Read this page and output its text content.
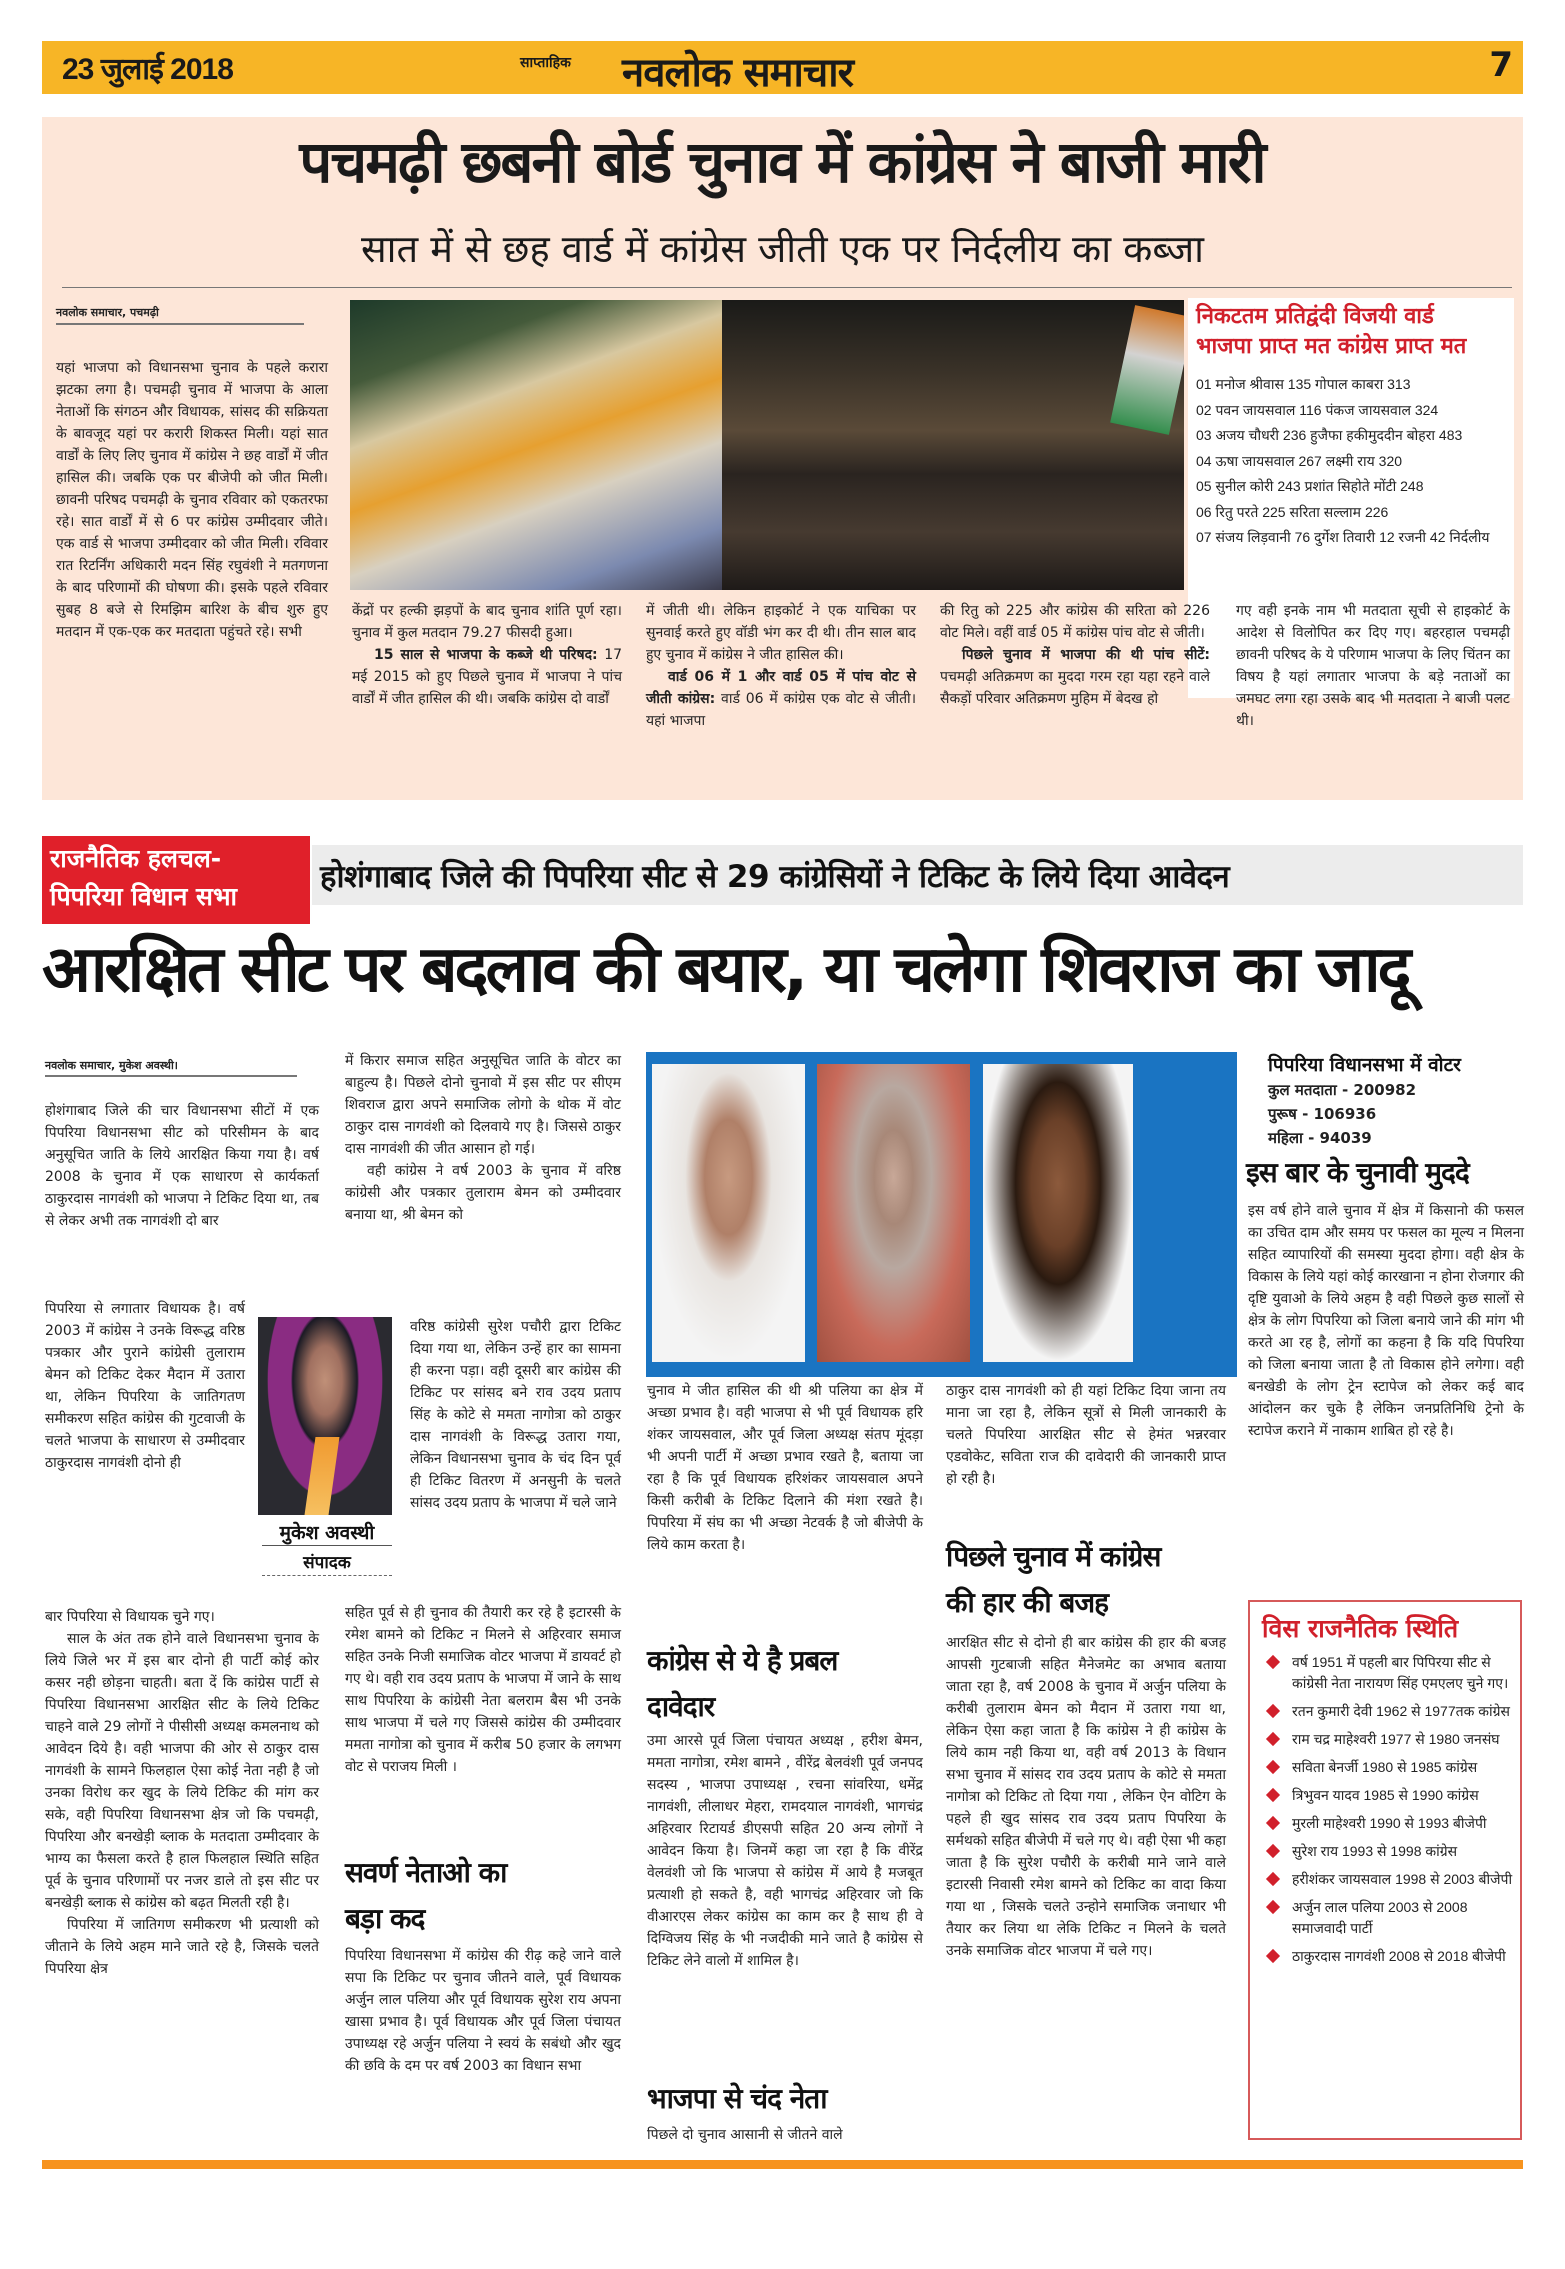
23 जुलाई 2018	साप्ताहिक नवलोक समाचार	7
पचमढ़ी छबनी बोर्ड चुनाव में कांग्रेस ने बाजी मारी
सात में से छह वार्ड में कांग्रेस जीती एक पर निर्दलीय का कब्जा
नवलोक समाचार, पचमढ़ी

यहां भाजपा को विधानसभा चुनाव के पहले करारा झटका लगा है। पचमढ़ी चुनाव में भाजपा के आला नेताओं कि संगठन और विधायक, सांसद की सक्रियता के बावजूद यहां पर करारी शिकस्त मिली। यहां सात वार्डों के लिए लिए चुनाव में कांग्रेस ने छह वार्डों में जीत हासिल की। जबकि एक पर बीजेपी को जीत मिली। छावनी परिषद पचमढ़ी के चुनाव रविवार को एकतरफा रहे। सात वार्डों में से 6 पर कांग्रेस उम्मीदवार जीते। एक वार्ड से भाजपा उम्मीदवार को जीत मिली। रविवार रात रिटर्निंग अधिकारी मदन सिंह रघुवंशी ने मतगणना के बाद परिणामों की घोषणा की। इसके पहले रविवार सुबह 8 बजे से रिमझिम बारिश के बीच शुरु हुए मतदान में एक-एक कर मतदाता पहुंचते रहे। सभी

निकटतम प्रतिद्वंदी विजयी वार्ड
भाजपा प्राप्त मत कांग्रेस प्राप्त मत
01 मनोज श्रीवास 135 गोपाल काबरा 313
02 पवन जायसवाल 116 पंकज जायसवाल 324
03 अजय चौधरी 236 हुजैफा हकीमुददीन बोहरा 483
04 ऊषा जायसवाल 267 लक्ष्मी राय 320
05 सुनील कोरी 243 प्रशांत सिहोते मोंटी 248
06 रितु परते 225 सरिता सल्लाम 226
07 संजय लिड़वानी 76 दुर्गेश तिवारी 12 रजनी 42 निर्दलीय

केंद्रों पर हल्की झड़पों के बाद चुनाव शांति पूर्ण रहा। चुनाव में कुल मतदान 79.27 फीसदी हुआ।

15 साल से भाजपा के कब्जे थी परिषद: 17 मई 2015 को हुए पिछले चुनाव में भाजपा ने पांच वार्डों में जीत हासिल की थी। जबकि कांग्रेस दो वार्डों

में जीती थी। लेकिन हाइकोर्ट ने एक याचिका पर सुनवाई करते हुए वॉडी भंग कर दी थी। तीन साल बाद हुए चुनाव में कांग्रेस ने जीत हासिल की।

वार्ड 06 में 1 और वार्ड 05 में पांच वोट से जीती कांग्रेस: वार्ड 06 में कांग्रेस एक वोट से जीती। यहां भाजपा

की रितु को 225 और कांग्रेस की सरिता को 226 वोट मिले। वहीं वार्ड 05 में कांग्रेस पांच वोट से जीती।

पिछले चुनाव में भाजपा की थी पांच सीटें: पचमढ़ी अतिक्रमण का मुददा गरम रहा यहा रहने वाले सैकड़ों परिवार अतिक्रमण मुहिम में बेदख हो

गए वही इनके नाम भी मतदाता सूची से हाइकोर्ट के आदेश से विलोपित कर दिए गए। बहरहाल पचमढ़ी छावनी परिषद के ये परिणाम भाजपा के लिए चिंतन का विषय है यहां लगातार भाजपा के बड़े नताओं का जमघट लगा रहा उसके बाद भी मतदाता ने बाजी पलट थी।

राजनैतिक हलचल-
पिपरिया विधान सभा
होशंगाबाद जिले की पिपरिया सीट से 29 कांग्रेसियों ने टिकिट के लिये दिया आवेदन
आरक्षित सीट पर बदलाव की बयार, या चलेगा शिवराज का जादू
नवलोक समाचार, मुकेश अवस्थी।

होशंगाबाद जिले की चार विधानसभा सीटों में एक पिपरिया विधानसभा सीट को परिसीमन के बाद अनुसूचित जाति के लिये आरक्षित किया गया है। वर्ष 2008 के चुनाव में एक साधारण से कार्यकर्ता ठाकुरदास नागवंशी को भाजपा ने टिकिट दिया था, तब से लेकर अभी तक नागवंशी दो बार

पिपरिया से लगातार विधायक है। वर्ष 2003 में कांग्रेस ने उनके विरूद्ध वरिष्ठ पत्रकार और पुराने कांग्रेसी तुलाराम बेमन को टिकिट देकर मैदान में उतारा था, लेकिन पिपरिया के जातिगतण समीकरण सहित कांग्रेस की गुटवाजी के चलते भाजपा के साधारण से उम्मीदवार ठाकुरदास नागवंशी दोनो ही

बार पिपरिया से विधायक चुने गए।

साल के अंत तक होने वाले विधानसभा चुनाव के लिये जिले भर में इस बार दोनो ही पार्टी कोई कोर कसर नही छोड़ना चाहती। बता दें कि कांग्रेस पार्टी से पिपरिया विधानसभा आरक्षित सीट के लिये टिकिट चाहने वाले 29 लोगों ने पीसीसी अध्यक्ष कमलनाथ को आवेदन दिये है। वही भाजपा की ओर से ठाकुर दास नागवंशी के सामने फिलहाल ऐसा कोई नेता नही है जो उनका विरोध कर खुद के लिये टिकिट की मांग कर सके, वही पिपरिया विधानसभा क्षेत्र जो कि पचमढ़ी, पिपरिया और बनखेड़ी ब्लाक के मतदाता उम्मीदवार के भाग्य का फैसला करते है हाल फिलहाल स्थिति सहित पूर्व के चुनाव परिणामों पर नजर डाले तो इस सीट पर बनखेड़ी ब्लाक से कांग्रेस को बढ़त मिलती रही है।

पिपरिया में जातिगण समीकरण भी प्रत्याशी को जीताने के लिये अहम माने जाते रहे है, जिसके चलते पिपरिया क्षेत्र

मुकेश अवस्थी
संपादक

में किरार समाज सहित अनुसूचित जाति के वोटर का बाहुल्य है। पिछले दोनो चुनावो में इस सीट पर सीएम शिवराज द्वारा अपने समाजिक लोगो के थोक में वोट ठाकुर दास नागवंशी को दिलवाये गए है। जिससे ठाकुर दास नागवंशी की जीत आसान हो गई।

वही कांग्रेस ने वर्ष 2003 के चुनाव में वरिष्ठ कांग्रेसी और पत्रकार तुलाराम बेमन को उम्मीदवार बनाया था, श्री बेमन को

वरिष्ठ कांग्रेसी सुरेश पचौरी द्वारा टिकिट दिया गया था, लेकिन उन्हें हार का सामना ही करना पड़ा। वही दूसरी बार कांग्रेस की टिकिट पर सांसद बने राव उदय प्रताप सिंह के कोटे से ममता नागोत्रा को ठाकुर दास नागवंशी के विरूद्ध उतारा गया, लेकिन विधानसभा चुनाव के चंद दिन पूर्व ही टिकिट वितरण में अनसुनी के चलते सांसद उदय प्रताप के भाजपा में चले जाने

सहित पूर्व से ही चुनाव की तैयारी कर रहे है इटारसी के रमेश बामने को टिकिट न मिलने से अहिरवार समाज सहित उनके निजी समाजिक वोटर भाजपा में डायवर्ट हो गए थे। वही राव उदय प्रताप के भाजपा में जाने के साथ साथ पिपरिया के कांग्रेसी नेता बलराम बैस भी उनके साथ भाजपा में चले गए जिससे कांग्रेस की उम्मीदवार ममता नागोत्रा को चुनाव में करीब 50 हजार के लगभग वोट से पराजय मिली ।

सवर्ण नेताओ का
बड़ा कद

पिपरिया विधानसभा में कांग्रेस की रीढ़ कहे जाने वाले सपा कि टिकिट पर चुनाव जीतने वाले, पूर्व विधायक अर्जुन लाल पलिया और पूर्व विधायक सुरेश राय अपना खासा प्रभाव है। पूर्व विधायक और पूर्व जिला पंचायत उपाध्यक्ष रहे अर्जुन पलिया ने स्वयं के सबंधो और खुद की छवि के दम पर वर्ष 2003 का विधान सभा

चुनाव मे जीत हासिल की थी श्री पलिया का क्षेत्र में अच्छा प्रभाव है। वही भाजपा से भी पूर्व विधायक हरि शंकर जायसवाल, और पूर्व जिला अध्यक्ष संतप मूंदड़ा भी अपनी पार्टी में अच्छा प्रभाव रखते है, बताया जा रहा है कि पूर्व विधायक हरिशंकर जायसवाल अपने किसी करीबी के टिकिट दिलाने की मंशा रखते है। पिपरिया में संघ का भी अच्छा नेटवर्क है जो बीजेपी के लिये काम करता है।

कांग्रेस से ये है प्रबल
दावेदार

उमा आरसे पूर्व जिला पंचायत अध्यक्ष , हरीश बेमन, ममता नागोत्रा, रमेश बामने , वीरेंद्र बेलवंशी पूर्व जनपद सदस्य , भाजपा उपाध्यक्ष , रचना सांवरिया, धमेंद्र नागवंशी, लीलाधर मेहरा, रामदयाल नागवंशी, भागचंद्र अहिरवार रिटायर्ड डीएसपी सहित 20 अन्य लोगों ने आवेदन किया है। जिनमें कहा जा रहा है कि वीरेंद्र वेलवंशी जो कि भाजपा से कांग्रेस में आये है मजबूत प्रत्याशी हो सकते है, वही भागचंद्र अहिरवार जो कि वीआरएस लेकर कांग्रेस का काम कर है साथ ही वे दिग्विजय सिंह के भी नजदीकी माने जाते है कांग्रेस से टिकिट लेने वालो में शामिल है।

भाजपा से चंद नेता

पिछले दो चुनाव आसानी से जीतने वाले

ठाकुर दास नागवंशी को ही यहां टिकिट दिया जाना तय माना जा रहा है, लेकिन सूत्रों से मिली जानकारी के चलते पिपरिया आरक्षित सीट से हेमंत भन्नरवार एडवोकेट, सविता राज की दावेदारी की जानकारी प्राप्त हो रही है।

पिछले चुनाव में कांग्रेस
की हार की बजह

आरक्षित सीट से दोनो ही बार कांग्रेस की हार की बजह आपसी गुटबाजी सहित मैनेजमेट का अभाव बताया जाता रहा है, वर्ष 2008 के चुनाव में अर्जुन पलिया के करीबी तुलाराम बेमन को मैदान में उतारा गया था, लेकिन ऐसा कहा जाता है कि कांग्रेस ने ही कांग्रेस के लिये काम नही किया था, वही वर्ष 2013 के विधान सभा चुनाव में सांसद राव उदय प्रताप के कोटे से ममता नागोत्रा को टिकिट तो दिया गया , लेकिन ऐन वोटिग के पहले ही खुद सांसद राव उदय प्रताप पिपरिया के सर्मथको सहित बीजेपी में चले गए थे। वही ऐसा भी कहा जाता है कि सुरेश पचौरी के करीबी माने जाने वाले इटारसी निवासी रमेश बामने को टिकिट का वादा किया गया था , जिसके चलते उन्होने समाजिक जनाधार भी तैयार कर लिया था लेकि टिकिट न मिलने के चलते उनके समाजिक वोटर भाजपा में चले गए।

पिपरिया विधानसभा में वोटर
कुल मतदाता - 200982
पुरूष - 106936
महिला - 94039
इस बार के चुनावी मुददे

इस वर्ष होने वाले चुनाव में क्षेत्र में किसानो की फसल का उचित दाम और समय पर फसल का मूल्य न मिलना सहित व्यापारियों की समस्या मुददा होगा। वही क्षेत्र के विकास के लिये यहां कोई कारखाना न होना रोजगार की दृष्टि युवाओ के लिये अहम है वही पिछले कुछ सालों से क्षेत्र के लोग पिपरिया को जिला बनाये जाने की मांग भी करते आ रह है, लोगों का कहना है कि यदि पिपरिया को जिला बनाया जाता है तो विकास होने लगेगा। वही बनखेडी के लोग ट्रेन स्टापेज को लेकर कई बाद आंदोलन कर चुके है लेकिन जनप्रतिनिधि ट्रेनो के स्टापेज कराने में नाकाम शाबित हो रहे है।

विस राजनैतिक स्थिति
वर्ष 1951 में पहली बार पिपिरया सीट से कांग्रेसी नेता नारायण सिंह एमएलए चुने गए।
रतन कुमारी देवी 1962 से 1977तक कांग्रेस
राम चद्र माहेश्वरी 1977 से 1980 जनसंघ
सविता बेनर्जी 1980 से 1985 कांग्रेस
त्रिभुवन यादव 1985 से 1990 कांग्रेस
मुरली माहेश्वरी 1990 से 1993 बीजेपी
सुरेश राय 1993 से 1998 कांग्रेस
हरीशंकर जायसवाल 1998 से 2003 बीजेपी
अर्जुन लाल पलिया 2003 से 2008 समाजवादी पार्टी
ठाकुरदास नागवंशी 2008 से 2018 बीजेपी
